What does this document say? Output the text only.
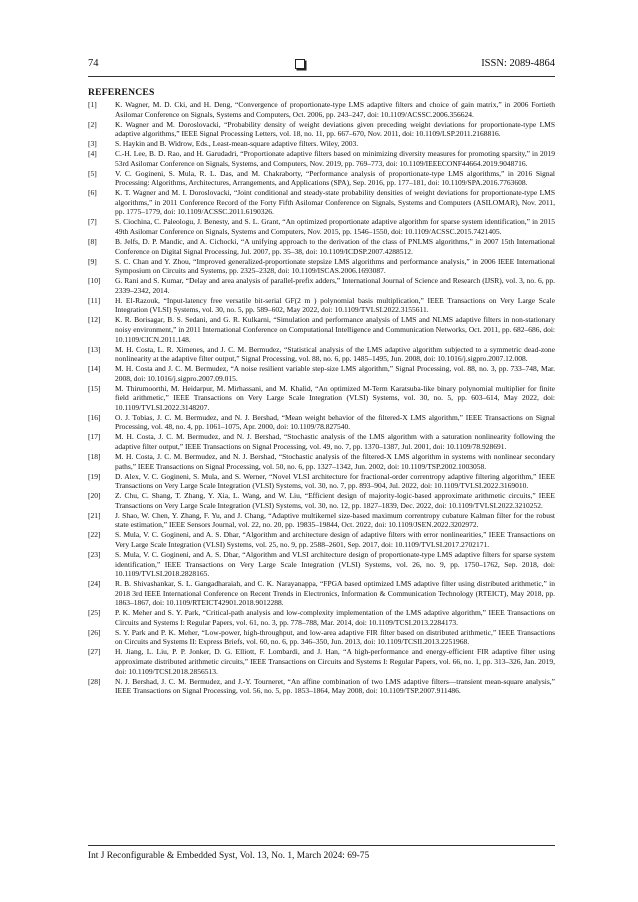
74	ISSN: 2089-4864
REFERENCES
[1] K. Wagner, M. D. Cki, and H. Deng, “Convergence of proportionate-type LMS adaptive filters and choice of gain matrix,” in 2006 Fortieth Asilomar Conference on Signals, Systems and Computers, Oct. 2006, pp. 243–247, doi: 10.1109/ACSSC.2006.356624.
[2] K. Wagner and M. Doroslovacki, “Probability density of weight deviations given preceding weight deviations for proportionate-type LMS adaptive algorithms,” IEEE Signal Processing Letters, vol. 18, no. 11, pp. 667–670, Nov. 2011, doi: 10.1109/LSP.2011.2168816.
[3] S. Haykin and B. Widrow, Eds., Least-mean-square adaptive filters. Wiley, 2003.
[4] C.-H. Lee, B. D. Rao, and H. Garudadri, “Proportionate adaptive filters based on minimizing diversity measures for promoting sparsity,” in 2019 53rd Asilomar Conference on Signals, Systems, and Computers, Nov. 2019, pp. 769–773, doi: 10.1109/IEEECONF44664.2019.9048716.
[5] V. C. Gogineni, S. Mula, R. L. Das, and M. Chakraborty, “Performance analysis of proportionate-type LMS algorithms,” in 2016 Signal Processing: Algorithms, Architectures, Arrangements, and Applications (SPA), Sep. 2016, pp. 177–181, doi: 10.1109/SPA.2016.7763608.
[6] K. T. Wagner and M. I. Doroslovacki, “Joint conditional and steady-state probability densities of weight deviations for proportionate-type LMS algorithms,” in 2011 Conference Record of the Forty Fifth Asilomar Conference on Signals, Systems and Computers (ASILOMAR), Nov. 2011, pp. 1775–1779, doi: 10.1109/ACSSC.2011.6190326.
[7] S. Ciochina, C. Paleologu, J. Benesty, and S. L. Grant, “An optimized proportionate adaptive algorithm for sparse system identification,” in 2015 49th Asilomar Conference on Signals, Systems and Computers, Nov. 2015, pp. 1546–1550, doi: 10.1109/ACSSC.2015.7421405.
[8] B. Jelfs, D. P. Mandic, and A. Cichocki, “A unifying approach to the derivation of the class of PNLMS algorithms,” in 2007 15th International Conference on Digital Signal Processing, Jul. 2007, pp. 35–38, doi: 10.1109/ICDSP.2007.4288512.
[9] S. C. Chan and Y. Zhou, “Improved generalized-proportionate stepsize LMS algorithms and performance analysis,” in 2006 IEEE International Symposium on Circuits and Systems, pp. 2325–2328, doi: 10.1109/ISCAS.2006.1693087.
[10] G. Rani and S. Kumar, “Delay and area analysis of parallel-prefix adders,” International Journal of Science and Research (IJSR), vol. 3, no. 6, pp. 2339–2342, 2014.
[11] H. El-Razouk, “Input-latency free versatile bit-serial GF(2 m ) polynomial basis multiplication,” IEEE Transactions on Very Large Scale Integration (VLSI) Systems, vol. 30, no. 5, pp. 589–602, May 2022, doi: 10.1109/TVLSI.2022.3155611.
[12] K. R. Borisagar, B. S. Sedani, and G. R. Kulkarni, “Simulation and performance analysis of LMS and NLMS adaptive filters in non-stationary noisy environment,” in 2011 International Conference on Computational Intelligence and Communication Networks, Oct. 2011, pp. 682–686, doi: 10.1109/CICN.2011.148.
[13] M. H. Costa, L. R. Ximenes, and J. C. M. Bermudez, “Statistical analysis of the LMS adaptive algorithm subjected to a symmetric dead-zone nonlinearity at the adaptive filter output,” Signal Processing, vol. 88, no. 6, pp. 1485–1495, Jun. 2008, doi: 10.1016/j.sigpro.2007.12.008.
[14] M. H. Costa and J. C. M. Bermudez, “A noise resilient variable step-size LMS algorithm,” Signal Processing, vol. 88, no. 3, pp. 733–748, Mar. 2008, doi: 10.1016/j.sigpro.2007.09.015.
[15] M. Thirumoorthi, M. Heidarpur, M. Mirhassani, and M. Khalid, “An optimized M-Term Karatsuba-like binary polynomial multiplier for finite field arithmetic,” IEEE Transactions on Very Large Scale Integration (VLSI) Systems, vol. 30, no. 5, pp. 603–614, May 2022, doi: 10.1109/TVLSI.2022.3148207.
[16] O. J. Tobias, J. C. M. Bermudez, and N. J. Bershad, “Mean weight behavior of the filtered-X LMS algorithm,” IEEE Transactions on Signal Processing, vol. 48, no. 4, pp. 1061–1075, Apr. 2000, doi: 10.1109/78.827540.
[17] M. H. Costa, J. C. M. Bermudez, and N. J. Bershad, “Stochastic analysis of the LMS algorithm with a saturation nonlinearity following the adaptive filter output,” IEEE Transactions on Signal Processing, vol. 49, no. 7, pp. 1370–1387, Jul. 2001, doi: 10.1109/78.928691.
[18] M. H. Costa, J. C. M. Bermudez, and N. J. Bershad, “Stochastic analysis of the filtered-X LMS algorithm in systems with nonlinear secondary paths,” IEEE Transactions on Signal Processing, vol. 50, no. 6, pp. 1327–1342, Jun. 2002, doi: 10.1109/TSP.2002.1003058.
[19] D. Alex, V. C. Gogineni, S. Mula, and S. Werner, “Novel VLSI architecture for fractional-order correntropy adaptive filtering algorithm,” IEEE Transactions on Very Large Scale Integration (VLSI) Systems, vol. 30, no. 7, pp. 893–904, Jul. 2022, doi: 10.1109/TVLSI.2022.3169010.
[20] Z. Chu, C. Shang, T. Zhang, Y. Xia, L. Wang, and W. Liu, “Efficient design of majority-logic-based approximate arithmetic circuits,” IEEE Transactions on Very Large Scale Integration (VLSI) Systems, vol. 30, no. 12, pp. 1827–1839, Dec. 2022, doi: 10.1109/TVLSI.2022.3210252.
[21] J. Shao, W. Chen, Y. Zhang, F. Yu, and J. Chang, “Adaptive multikernel size-based maximum correntropy cubature Kalman filter for the robust state estimation,” IEEE Sensors Journal, vol. 22, no. 20, pp. 19835–19844, Oct. 2022, doi: 10.1109/JSEN.2022.3202972.
[22] S. Mula, V. C. Gogineni, and A. S. Dhar, “Algorithm and architecture design of adaptive filters with error nonlinearities,” IEEE Transactions on Very Large Scale Integration (VLSI) Systems, vol. 25, no. 9, pp. 2588–2601, Sep. 2017, doi: 10.1109/TVLSI.2017.2702171.
[23] S. Mula, V. C. Gogineni, and A. S. Dhar, “Algorithm and VLSI architecture design of proportionate-type LMS adaptive filters for sparse system identification,” IEEE Transactions on Very Large Scale Integration (VLSI) Systems, vol. 26, no. 9, pp. 1750–1762, Sep. 2018, doi: 10.1109/TVLSI.2018.2828165.
[24] R. B. Shivashankar, S. L. Gangadharaiah, and C. K. Narayanappa, “FPGA based optimized LMS adaptive filter using distributed arithmetic,” in 2018 3rd IEEE International Conference on Recent Trends in Electronics, Information & Communication Technology (RTEICT), May 2018, pp. 1863–1867, doi: 10.1109/RTEICT42901.2018.9012288.
[25] P. K. Meher and S. Y. Park, “Critical-path analysis and low-complexity implementation of the LMS adaptive algorithm,” IEEE Transactions on Circuits and Systems I: Regular Papers, vol. 61, no. 3, pp. 778–788, Mar. 2014, doi: 10.1109/TCSI.2013.2284173.
[26] S. Y. Park and P. K. Meher, “Low-power, high-throughput, and low-area adaptive FIR filter based on distributed arithmetic,” IEEE Transactions on Circuits and Systems II: Express Briefs, vol. 60, no. 6, pp. 346–350, Jun. 2013, doi: 10.1109/TCSII.2013.2251968.
[27] H. Jiang, L. Liu, P. P. Jonker, D. G. Elliott, F. Lombardi, and J. Han, “A high-performance and energy-efficient FIR adaptive filter using approximate distributed arithmetic circuits,” IEEE Transactions on Circuits and Systems I: Regular Papers, vol. 66, no. 1, pp. 313–326, Jan. 2019, doi: 10.1109/TCSI.2018.2856513.
[28] N. J. Bershad, J. C. M. Bermudez, and J.-Y. Tourneret, “An affine combination of two LMS adaptive filters—transient mean-square analysis,” IEEE Transactions on Signal Processing, vol. 56, no. 5, pp. 1853–1864, May 2008, doi: 10.1109/TSP.2007.911486.
Int J Reconfigurable & Embedded Syst, Vol. 13, No. 1, March 2024: 69-75
